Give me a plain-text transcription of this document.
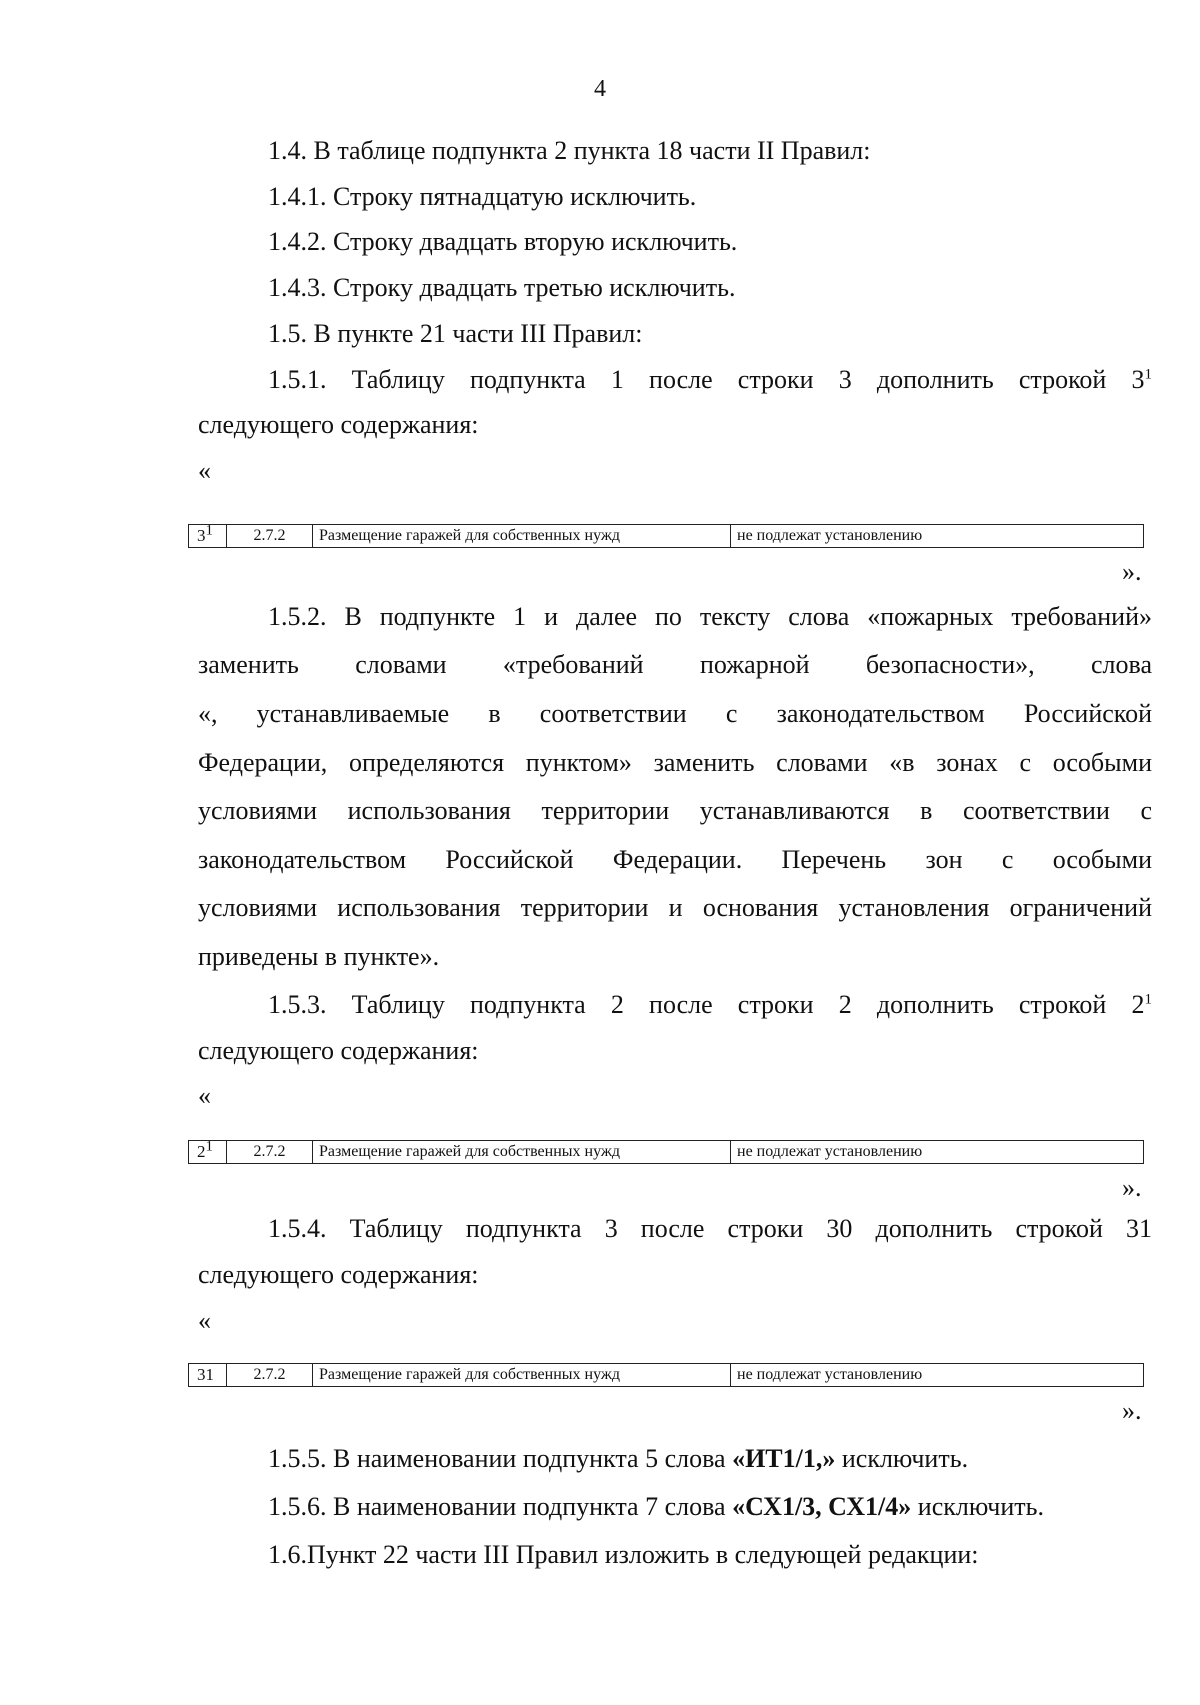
4
1.4. В таблице подпункта 2 пункта 18 части II Правил:
1.4.1. Строку пятнадцатую исключить.
1.4.2. Строку двадцать вторую исключить.
1.4.3. Строку двадцать третью исключить.
1.5. В пункте 21 части III Правил:
1.5.1. Таблицу подпункта 1 после строки 3 дополнить строкой $3^1$
следующего содержания:
«
$3^1$	2.7.2	Размещение гаражей для собственных нужд	не подлежат установлению
».
1.5.2. В подпункте 1 и далее по тексту слова «пожарных требований»
заменить словами «требований пожарной безопасности», слова
«, устанавливаемые в соответствии с законодательством Российской
Федерации, определяются пунктом» заменить словами «в зонах с особыми
условиями использования территории устанавливаются в соответствии с
законодательством Российской Федерации. Перечень зон с особыми
условиями использования территории и основания установления ограничений
приведены в пункте».
1.5.3. Таблицу подпункта 2 после строки 2 дополнить строкой $2^1$
следующего содержания:
«
$2^1$	2.7.2	Размещение гаражей для собственных нужд	не подлежат установлению
».
1.5.4. Таблицу подпункта 3 после строки 30 дополнить строкой 31
следующего содержания:
«
31	2.7.2	Размещение гаражей для собственных нужд	не подлежат установлению
».
1.5.5. В наименовании подпункта 5 слова «ИТ1/1,» исключить.
1.5.6. В наименовании подпункта 7 слова «СХ1/3, СХ1/4» исключить.
1.6.Пункт 22 части III Правил изложить в следующей редакции:
